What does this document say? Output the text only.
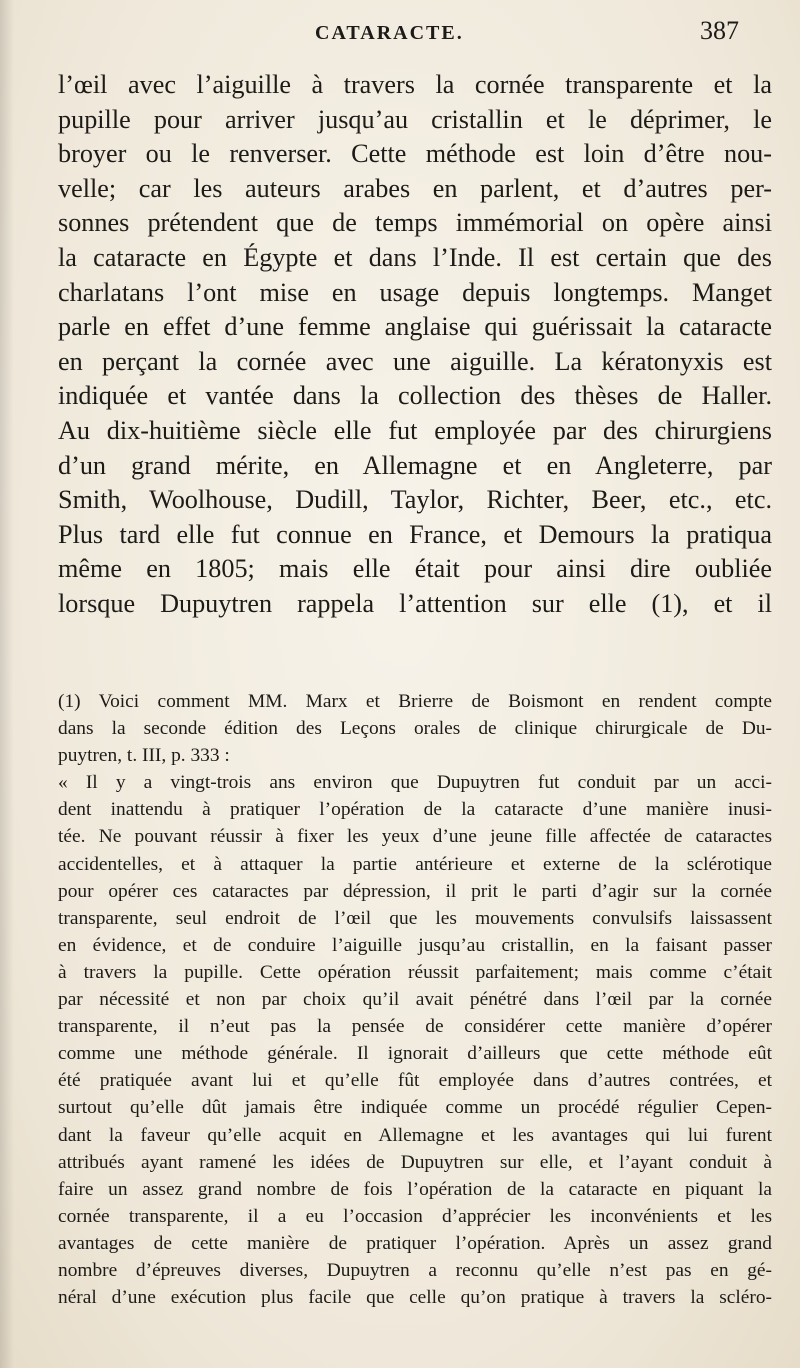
CATARACTE.	387
l’œil avec l’aiguille à travers la cornée transparente et la
pupille pour arriver jusqu’au cristallin et le déprimer, le
broyer ou le renverser. Cette méthode est loin d’être nou-
velle; car les auteurs arabes en parlent, et d’autres per-
sonnes prétendent que de temps immémorial on opère ainsi
la cataracte en Égypte et dans l’Inde. Il est certain que des
charlatans l’ont mise en usage depuis longtemps. Manget
parle en effet d’une femme anglaise qui guérissait la cataracte
en perçant la cornée avec une aiguille. La kératonyxis est
indiquée et vantée dans la collection des thèses de Haller.
Au dix-huitième siècle elle fut employée par des chirurgiens
d’un grand mérite, en Allemagne et en Angleterre, par
Smith, Woolhouse, Dudill, Taylor, Richter, Beer, etc., etc.
Plus tard elle fut connue en France, et Demours la pratiqua
même en 1805; mais elle était pour ainsi dire oubliée
lorsque Dupuytren rappela l’attention sur elle (1), et il
(1) Voici comment MM. Marx et Brierre de Boismont en rendent compte
dans la seconde édition des Leçons orales de clinique chirurgicale de Du-
puytren, t. III, p. 333 :
« Il y a vingt-trois ans environ que Dupuytren fut conduit par un acci-
dent inattendu à pratiquer l’opération de la cataracte d’une manière inusi-
tée. Ne pouvant réussir à fixer les yeux d’une jeune fille affectée de cataractes
accidentelles, et à attaquer la partie antérieure et externe de la sclérotique
pour opérer ces cataractes par dépression, il prit le parti d’agir sur la cornée
transparente, seul endroit de l’œil que les mouvements convulsifs laissassent
en évidence, et de conduire l’aiguille jusqu’au cristallin, en la faisant passer
à travers la pupille. Cette opération réussit parfaitement; mais comme c’était
par nécessité et non par choix qu’il avait pénétré dans l’œil par la cornée
transparente, il n’eut pas la pensée de considérer cette manière d’opérer
comme une méthode générale. Il ignorait d’ailleurs que cette méthode eût
été pratiquée avant lui et qu’elle fût employée dans d’autres contrées, et
surtout qu’elle dût jamais être indiquée comme un procédé régulier Cepen-
dant la faveur qu’elle acquit en Allemagne et les avantages qui lui furent
attribués ayant ramené les idées de Dupuytren sur elle, et l’ayant conduit à
faire un assez grand nombre de fois l’opération de la cataracte en piquant la
cornée transparente, il a eu l’occasion d’apprécier les inconvénients et les
avantages de cette manière de pratiquer l’opération. Après un assez grand
nombre d’épreuves diverses, Dupuytren a reconnu qu’elle n’est pas en gé-
néral d’une exécution plus facile que celle qu’on pratique à travers la scléro-
